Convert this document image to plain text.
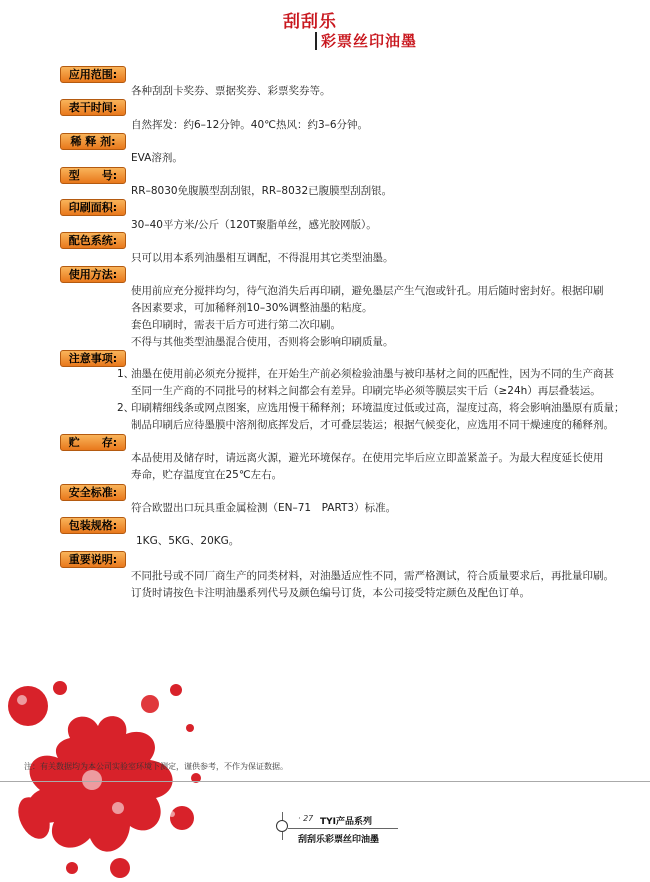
刮刮乐
彩票丝印油墨
应用范围:
各种刮刮卡奖券、票据奖券、彩票奖券等。
表干时间:
自然挥发：约6–12分钟。40℃热风：约3–6分钟。
稀 释 剂:
EVA溶剂。
型　　号:
RR–8030免腹膜型刮刮银，RR–8032已腹膜型刮刮银。
印刷面积:
30–40平方米/公斤（120T聚脂单丝，感光胶网版）。
配色系统:
只可以用本系列油墨相互调配，不得混用其它类型油墨。
使用方法:
使用前应充分搅拌均匀，待气泡消失后再印刷，避免墨层产生气泡或针孔。用后随时密封好。根据印刷
各因素要求，可加稀释剂10–30%调整油墨的粘度。
套色印刷时，需表干后方可进行第二次印刷。
不得与其他类型油墨混合使用，否则将会影响印刷质量。
注意事项:
1、
油墨在使用前必须充分搅拌，在开始生产前必须检验油墨与被印基材之间的匹配性，因为不同的生产商甚
至同一生产商的不同批号的材料之间都会有差异。印刷完毕必须等膜层实干后（≥24h）再层叠装运。
2、
印刷精细线条或网点图案，应选用慢干稀释剂；环境温度过低或过高，湿度过高，将会影响油墨原有质量；
制品印刷后应待墨膜中溶剂彻底挥发后，才可叠层装运；根据气候变化，应选用不同干燥速度的稀释剂。
贮　　存:
本品使用及储存时，请远离火源，避光环境保存。在使用完毕后应立即盖紧盖子。为最大程度延长使用
寿命，贮存温度宜在25℃左右。
安全标准:
符合欧盟出口玩具重金属检测（EN–71　PART3）标准。
包装规格:
1KG、5KG、20KG。
重要说明:
不同批号或不同厂商生产的同类材料，对油墨适应性不同，需严格测试，符合质量要求后，再批量印刷。
订货时请按色卡注明油墨系列代号及颜色编号订货，本公司接受特定颜色及配色订单。
注：有关数据均为本公司实验室环境下测定，谨供参考，不作为保证数据。
· 27 TYI产品系列
刮刮乐彩票丝印油墨
